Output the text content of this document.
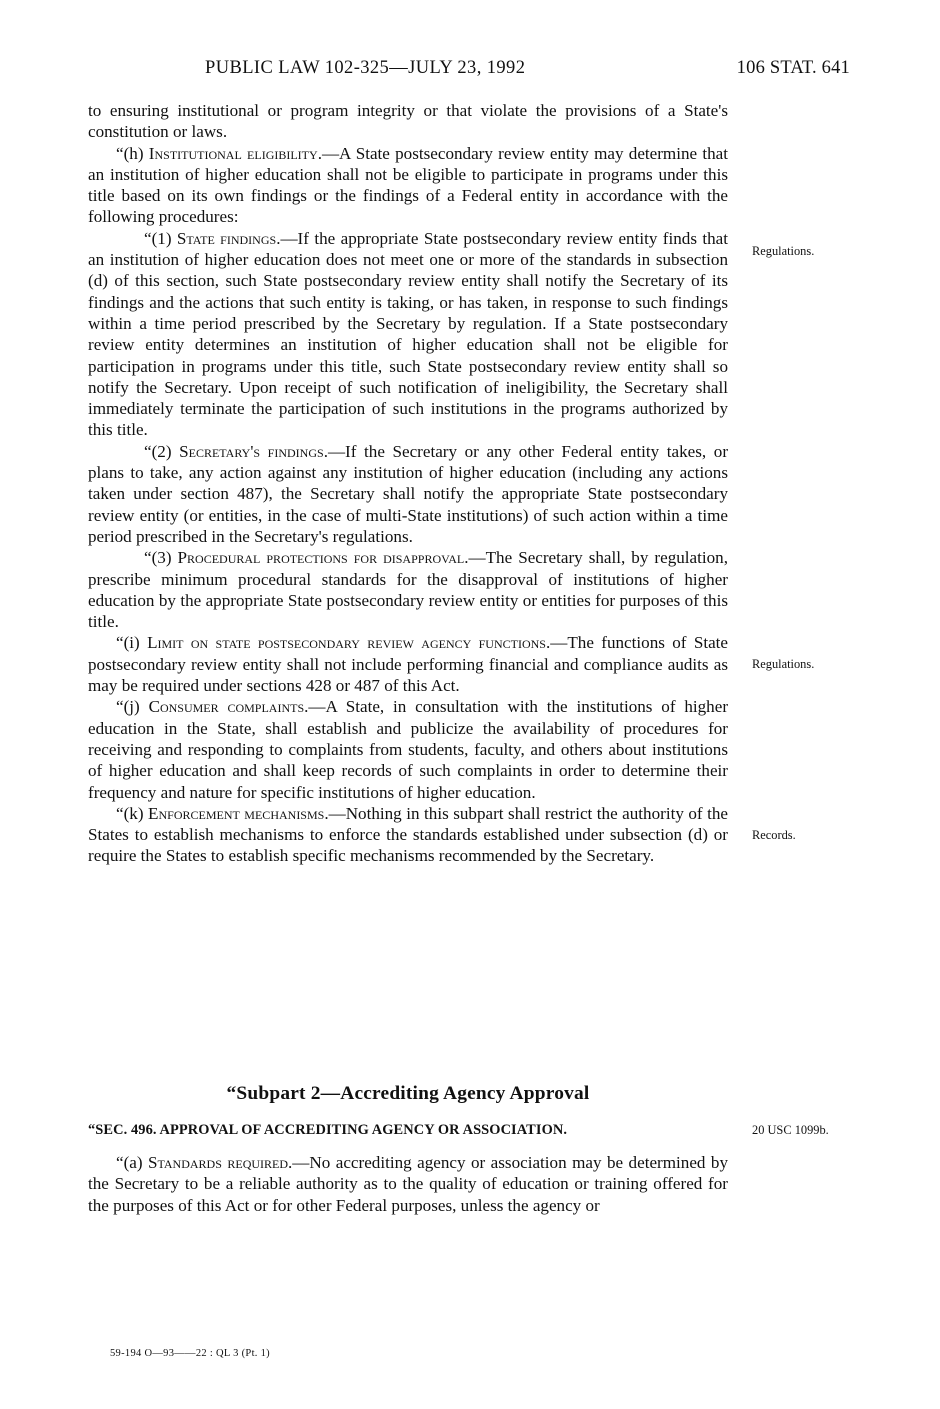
PUBLIC LAW 102-325—JULY 23, 1992	106 STAT. 641

to ensuring institutional or program integrity or that violate the provisions of a State's constitution or laws.

“(h) Institutional eligibility.—A State postsecondary review entity may determine that an institution of higher education shall not be eligible to participate in programs under this title based on its own findings or the findings of a Federal entity in accordance with the following procedures:

“(1) State findings.—If the appropriate State postsecondary review entity finds that an institution of higher education does not meet one or more of the standards in subsection (d) of this section, such State postsecondary review entity shall notify the Secretary of its findings and the actions that such entity is taking, or has taken, in response to such findings within a time period prescribed by the Secretary by regulation. If a State postsecondary review entity determines an institution of higher education shall not be eligible for participation in programs under this title, such State postsecondary review entity shall so notify the Secretary. Upon receipt of such notification of ineligibility, the Secretary shall immediately terminate the participation of such institutions in the programs authorized by this title.

“(2) Secretary's findings.—If the Secretary or any other Federal entity takes, or plans to take, any action against any institution of higher education (including any actions taken under section 487), the Secretary shall notify the appropriate State postsecondary review entity (or entities, in the case of multi-State institutions) of such action within a time period prescribed in the Secretary's regulations.

“(3) Procedural protections for disapproval.—The Secretary shall, by regulation, prescribe minimum procedural standards for the disapproval of institutions of higher education by the appropriate State postsecondary review entity or entities for purposes of this title.

“(i) Limit on state postsecondary review agency functions.—The functions of State postsecondary review entity shall not include performing financial and compliance audits as may be required under sections 428 or 487 of this Act.

“(j) Consumer complaints.—A State, in consultation with the institutions of higher education in the State, shall establish and publicize the availability of procedures for receiving and responding to complaints from students, faculty, and others about institutions of higher education and shall keep records of such complaints in order to determine their frequency and nature for specific institutions of higher education.

“(k) Enforcement mechanisms.—Nothing in this subpart shall restrict the authority of the States to establish mechanisms to enforce the standards established under subsection (d) or require the States to establish specific mechanisms recommended by the Secretary.

Regulations.
Regulations.
Records.
20 USC 1099b.
“Subpart 2—Accrediting Agency Approval
“SEC. 496. APPROVAL OF ACCREDITING AGENCY OR ASSOCIATION.

“(a) Standards required.—No accrediting agency or association may be determined by the Secretary to be a reliable authority as to the quality of education or training offered for the purposes of this Act or for other Federal purposes, unless the agency or

59-194 O—93——22 : QL 3 (Pt. 1)
